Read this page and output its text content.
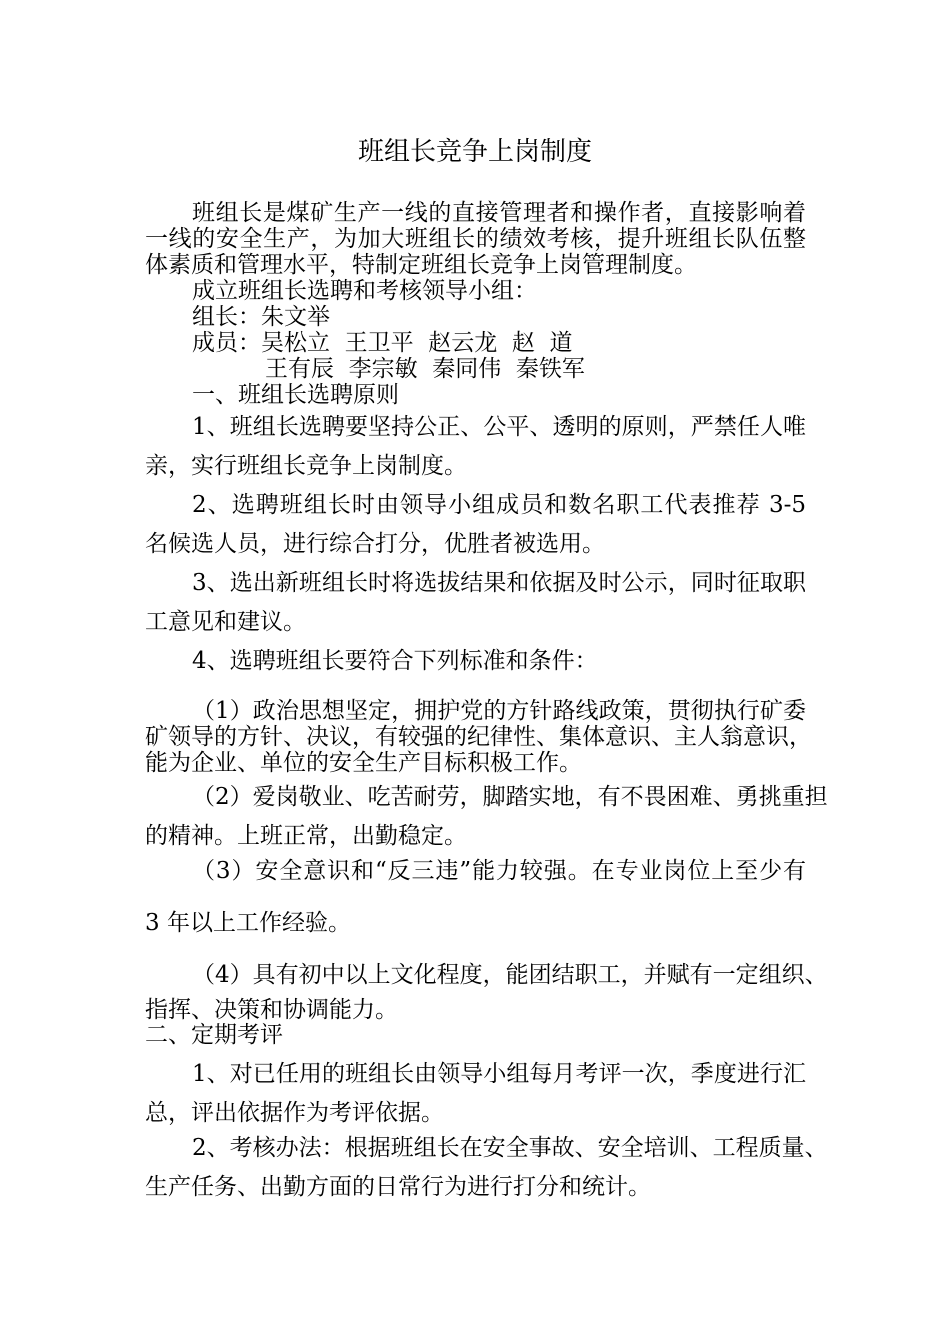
班组长竞争上岗制度
班组长是煤矿生产一线的直接管理者和操作者，直接影响着
一线的安全生产，为加大班组长的绩效考核，提升班组长队伍整
体素质和管理水平，特制定班组长竞争上岗管理制度。
成立班组长选聘和考核领导小组：
组长：朱文举
成员：吴松立  王卫平  赵云龙  赵  道
王有辰  李宗敏  秦同伟  秦铁军
一、班组长选聘原则
1、班组长选聘要坚持公正、公平、透明的原则，严禁任人唯
亲，实行班组长竞争上岗制度。
2、选聘班组长时由领导小组成员和数名职工代表推荐 3-5
名候选人员，进行综合打分，优胜者被选用。
3、选出新班组长时将选拔结果和依据及时公示，同时征取职
工意见和建议。
4、选聘班组长要符合下列标准和条件：
（1）政治思想坚定，拥护党的方针路线政策，贯彻执行矿委
矿领导的方针、决议，有较强的纪律性、集体意识、主人翁意识，
能为企业、单位的安全生产目标积极工作。
（2）爱岗敬业、吃苦耐劳，脚踏实地，有不畏困难、勇挑重担
的精神。上班正常，出勤稳定。
（3）安全意识和“反三违”能力较强。在专业岗位上至少有
3 年以上工作经验。
（4）具有初中以上文化程度，能团结职工，并赋有一定组织、
指挥、决策和协调能力。
二、定期考评
1、对已任用的班组长由领导小组每月考评一次，季度进行汇
总，评出依据作为考评依据。
2、考核办法：根据班组长在安全事故、安全培训、工程质量、
生产任务、出勤方面的日常行为进行打分和统计。
